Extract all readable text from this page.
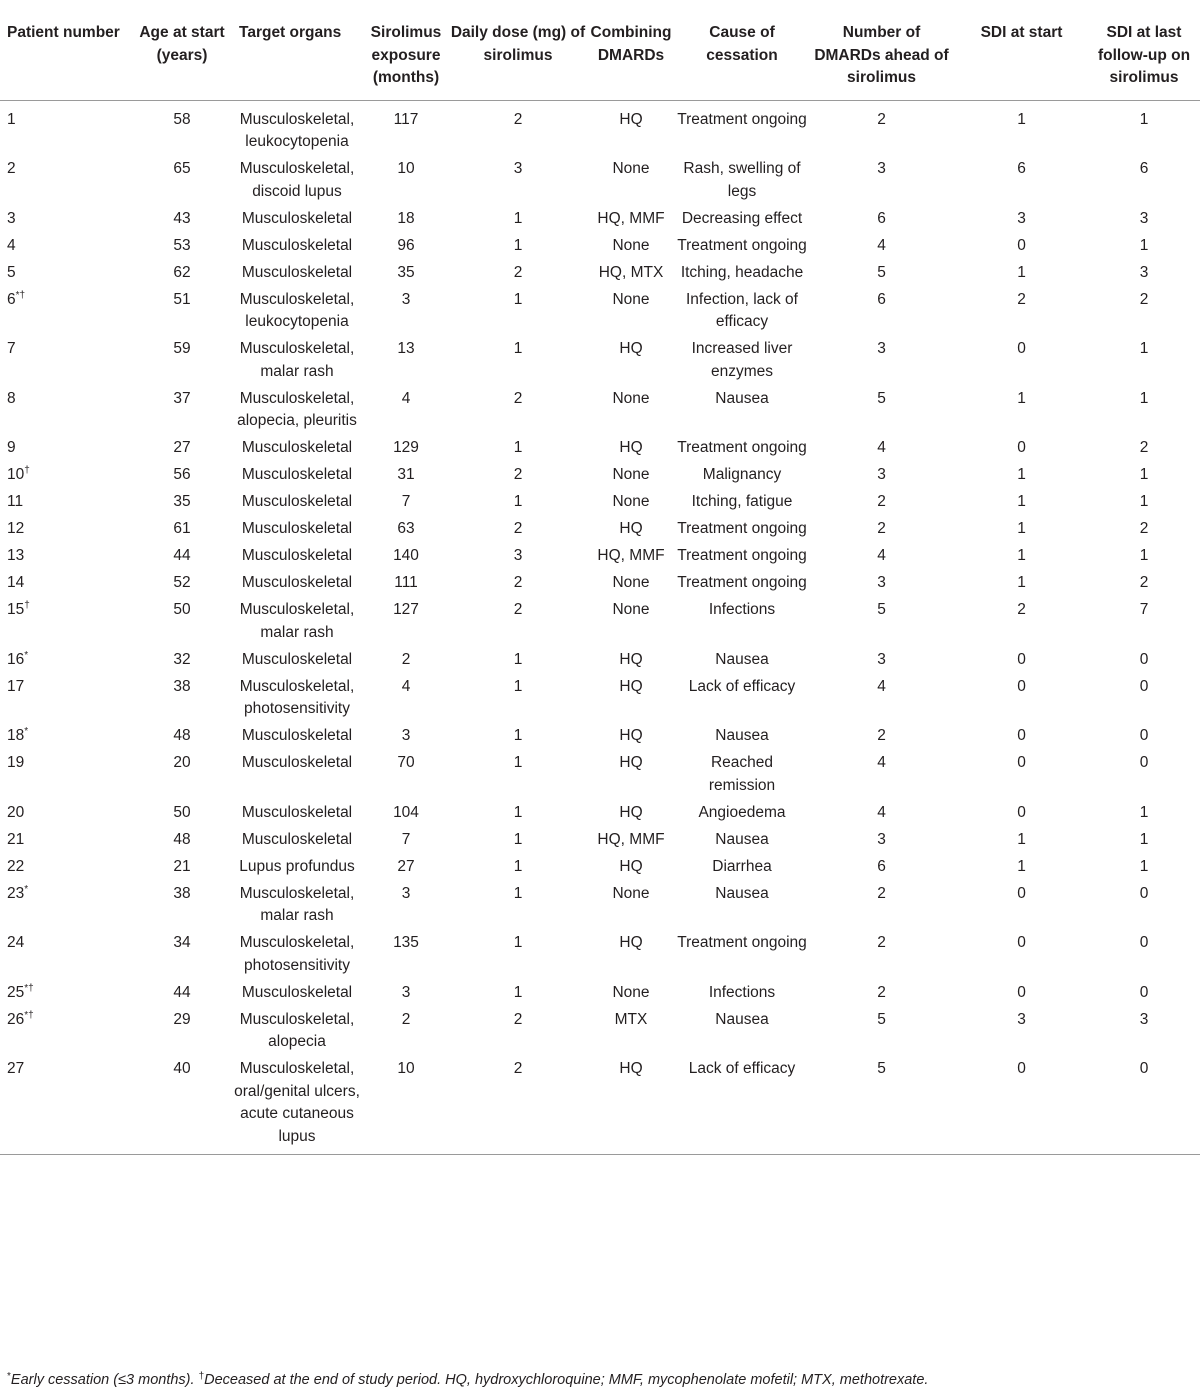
Patient number	Age at start (years)	Target organs	Sirolimus exposure (months)	Daily dose (mg) of sirolimus	Combining DMARDs	Cause of cessation	Number of DMARDs ahead of sirolimus	SDI at start	SDI at last follow-up on sirolimus
1	58	Musculoskeletal, leukocytopenia	117	2	HQ	Treatment ongoing	2	1	1
2	65	Musculoskeletal, discoid lupus	10	3	None	Rash, swelling of legs	3	6	6
3	43	Musculoskeletal	18	1	HQ, MMF	Decreasing effect	6	3	3
4	53	Musculoskeletal	96	1	None	Treatment ongoing	4	0	1
5	62	Musculoskeletal	35	2	HQ, MTX	Itching, headache	5	1	3
6*†	51	Musculoskeletal, leukocytopenia	3	1	None	Infection, lack of efficacy	6	2	2
7	59	Musculoskeletal, malar rash	13	1	HQ	Increased liver enzymes	3	0	1
8	37	Musculoskeletal, alopecia, pleuritis	4	2	None	Nausea	5	1	1
9	27	Musculoskeletal	129	1	HQ	Treatment ongoing	4	0	2
10†	56	Musculoskeletal	31	2	None	Malignancy	3	1	1
11	35	Musculoskeletal	7	1	None	Itching, fatigue	2	1	1
12	61	Musculoskeletal	63	2	HQ	Treatment ongoing	2	1	2
13	44	Musculoskeletal	140	3	HQ, MMF	Treatment ongoing	4	1	1
14	52	Musculoskeletal	111	2	None	Treatment ongoing	3	1	2
15†	50	Musculoskeletal, malar rash	127	2	None	Infections	5	2	7
16*	32	Musculoskeletal	2	1	HQ	Nausea	3	0	0
17	38	Musculoskeletal, photosensitivity	4	1	HQ	Lack of efficacy	4	0	0
18*	48	Musculoskeletal	3	1	HQ	Nausea	2	0	0
19	20	Musculoskeletal	70	1	HQ	Reached remission	4	0	0
20	50	Musculoskeletal	104	1	HQ	Angioedema	4	0	1
21	48	Musculoskeletal	7	1	HQ, MMF	Nausea	3	1	1
22	21	Lupus profundus	27	1	HQ	Diarrhea	6	1	1
23*	38	Musculoskeletal, malar rash	3	1	None	Nausea	2	0	0
24	34	Musculoskeletal, photosensitivity	135	1	HQ	Treatment ongoing	2	0	0
25*†	44	Musculoskeletal	3	1	None	Infections	2	0	0
26*†	29	Musculoskeletal, alopecia	2	2	MTX	Nausea	5	3	3
27	40	Musculoskeletal, oral/genital ulcers, acute cutaneous lupus	10	2	HQ	Lack of efficacy	5	0	0
*Early cessation (≤3 months). †Deceased at the end of study period. HQ, hydroxychloroquine; MMF, mycophenolate mofetil; MTX, methotrexate.
